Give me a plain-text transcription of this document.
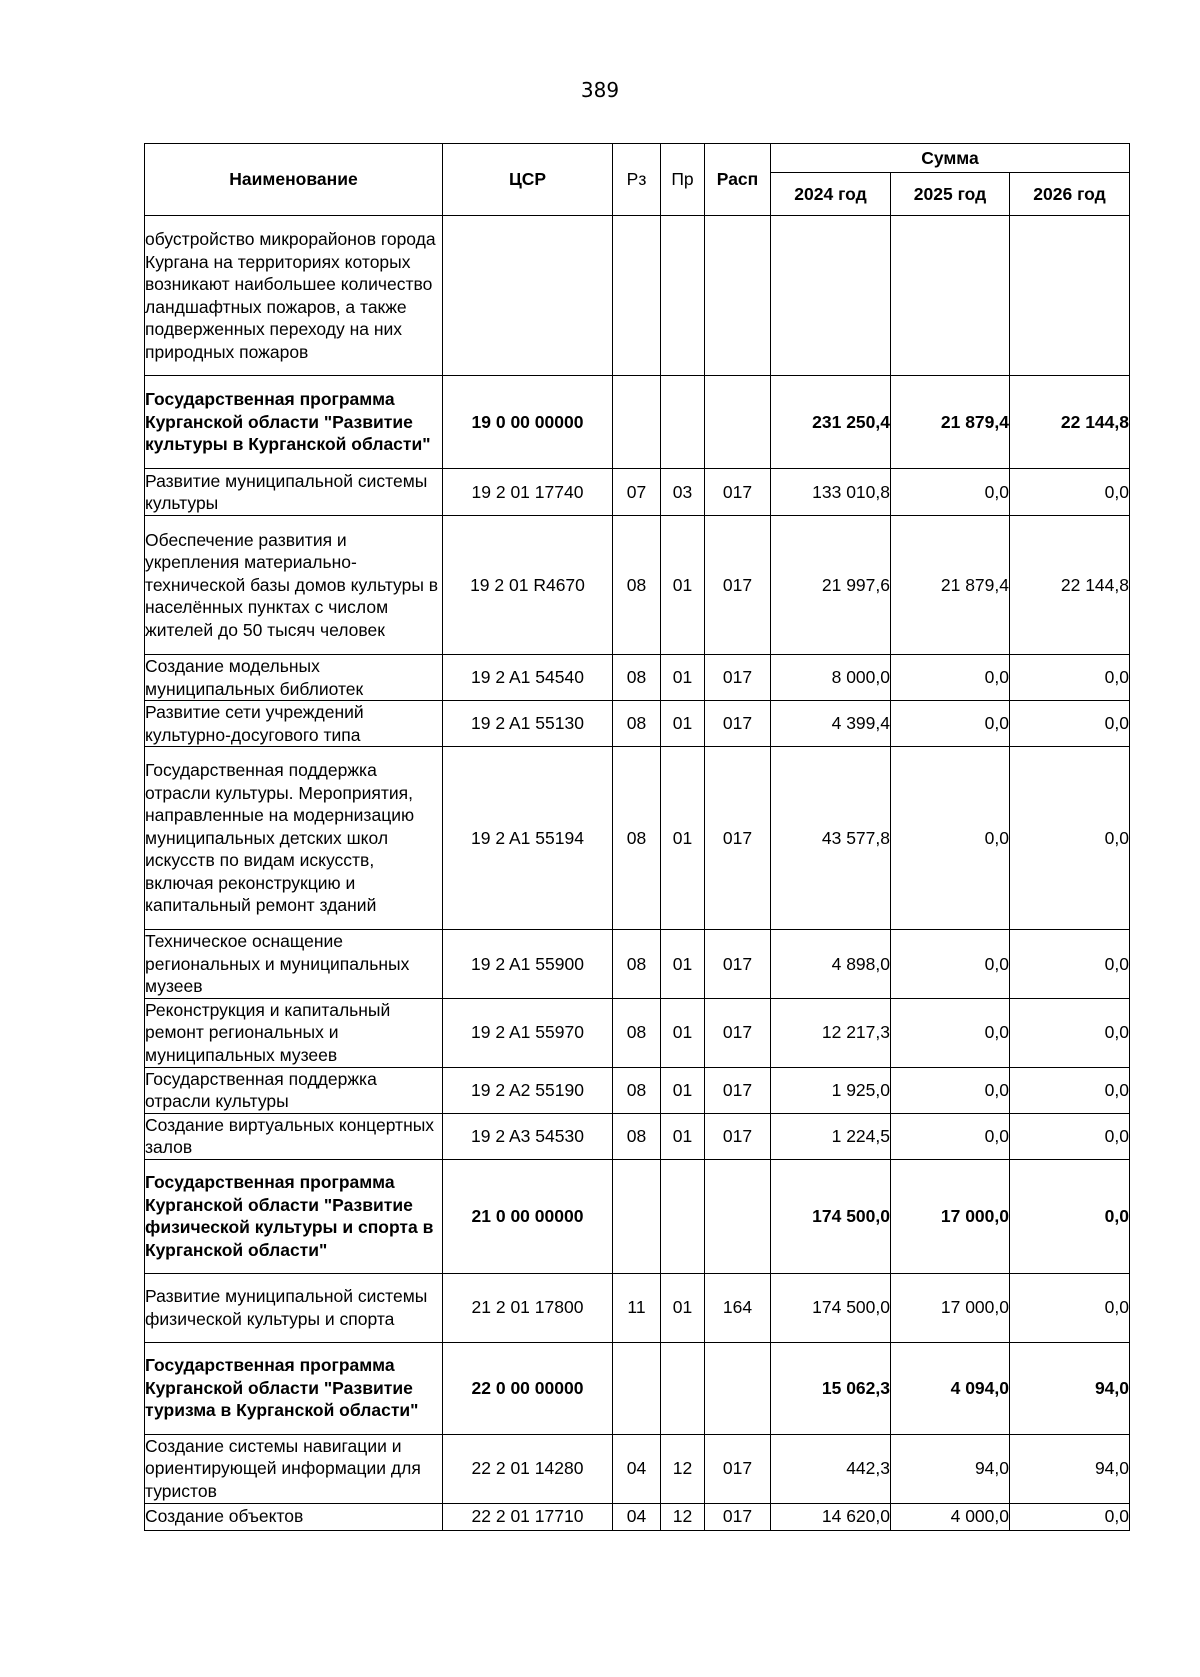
389
Наименование	ЦСР	Рз	Пр	Расп	Сумма		
					2024 год	2025 год	2026 год
обустройство микрорайонов города Кургана на территориях которых возникают наибольшее количество ландшафтных пожаров, а также подверженных переходу на них природных пожаров							
Государственная программа Курганской области "Развитие культуры в Курганской области"	19 0 00 00000				231 250,4	21 879,4	22 144,8
Развитие муниципальной системы культуры	19 2 01 17740	07	03	017	133 010,8	0,0	0,0
Обеспечение развития и укрепления материально-технической базы домов культуры в населённых пунктах с числом жителей до 50 тысяч человек	19 2 01 R4670	08	01	017	21 997,6	21 879,4	22 144,8
Создание модельных муниципальных библиотек	19 2 A1 54540	08	01	017	8 000,0	0,0	0,0
Развитие сети учреждений культурно-досугового типа	19 2 A1 55130	08	01	017	4 399,4	0,0	0,0
Государственная поддержка отрасли культуры. Мероприятия, направленные на модернизацию муниципальных детских школ искусств по видам искусств, включая реконструкцию и капитальный ремонт зданий	19 2 A1 55194	08	01	017	43 577,8	0,0	0,0
Техническое оснащение региональных и муниципальных музеев	19 2 A1 55900	08	01	017	4 898,0	0,0	0,0
Реконструкция и капитальный ремонт региональных и муниципальных музеев	19 2 A1 55970	08	01	017	12 217,3	0,0	0,0
Государственная поддержка отрасли культуры	19 2 A2 55190	08	01	017	1 925,0	0,0	0,0
Создание виртуальных концертных залов	19 2 A3 54530	08	01	017	1 224,5	0,0	0,0
Государственная программа Курганской области "Развитие физической культуры и спорта в Курганской области"	21 0 00 00000				174 500,0	17 000,0	0,0
Развитие муниципальной системы физической культуры и спорта	21 2 01 17800	11	01	164	174 500,0	17 000,0	0,0
Государственная программа Курганской области "Развитие туризма в Курганской области"	22 0 00 00000				15 062,3	4 094,0	94,0
Создание системы навигации и ориентирующей информации для туристов	22 2 01 14280	04	12	017	442,3	94,0	94,0
Создание объектов	22 2 01 17710	04	12	017	14 620,0	4 000,0	0,0
